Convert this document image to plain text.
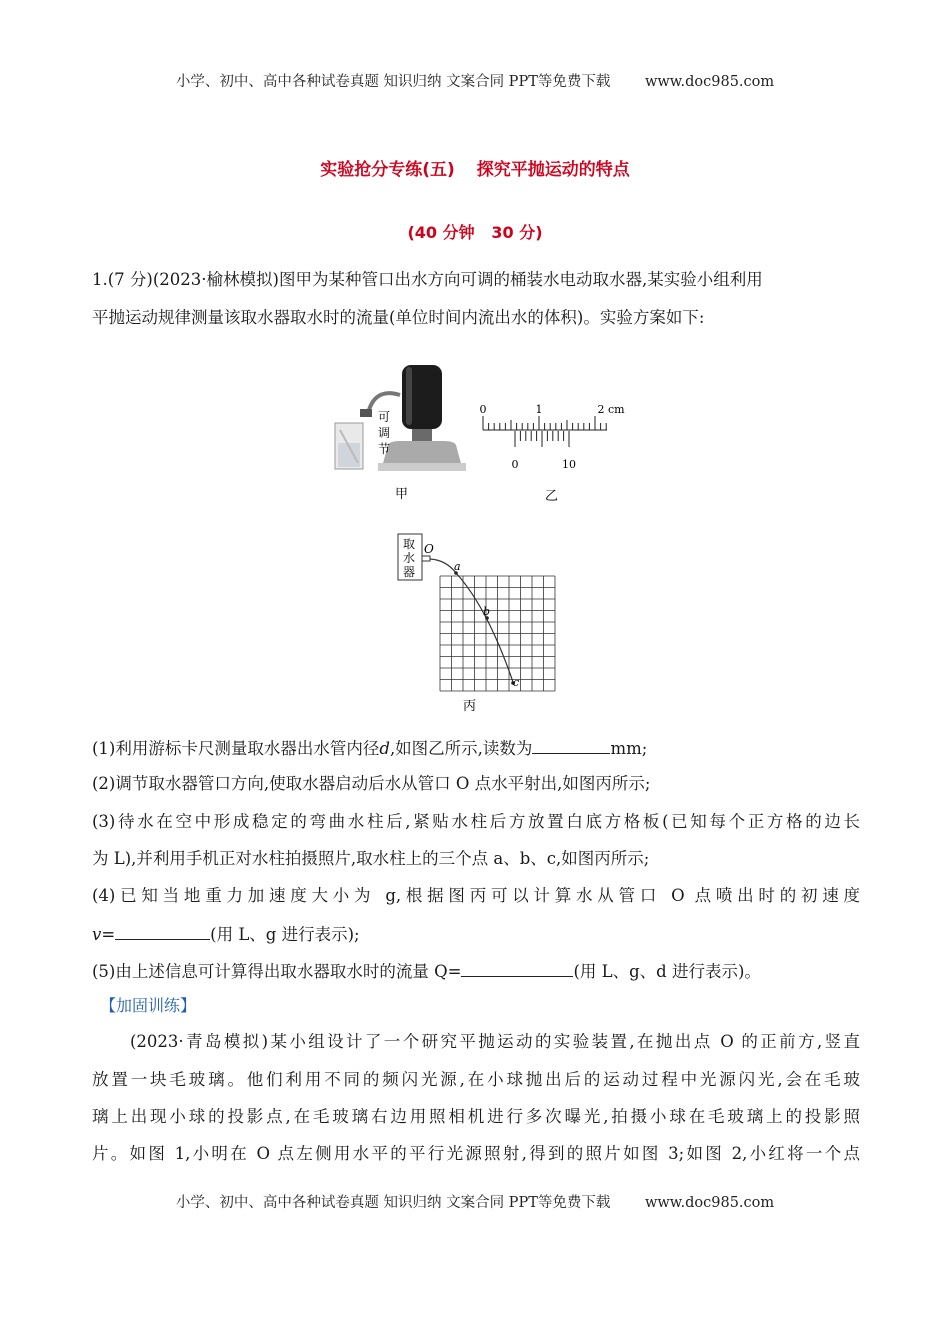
小学、初中、高中各种试卷真题 知识归纳 文案合同 PPT等免费下载 www.doc985.com
实验抢分专练(五) 探究平抛运动的特点
(40 分钟 30 分)
1.(7 分)(2023·榆林模拟)图甲为某种管口出水方向可调的桶装水电动取水器,某实验小组利用
平抛运动规律测量该取水器取水时的流量(单位时间内流出水的体积)。实验方案如下:
可
调
节
甲
0	1	2 cm
0	10
乙
取
水
器
O
a
b
c
丙
(1)利用游标卡尺测量取水器出水管内径d,如图乙所示,读数为	mm;
(2)调节取水器管口方向,使取水器启动后水从管口 O 点水平射出,如图丙所示;
(3)待水在空中形成稳定的弯曲水柱后,紧贴水柱后方放置白底方格板(已知每个正方格的边长
为 L),并利用手机正对水柱拍摄照片,取水柱上的三个点 a、b、c,如图丙所示;
(4)已知当地重力加速度大小为 g,根据图丙可以计算水从管口 O 点喷出时的初速度
v=	(用 L、g 进行表示);
(5)由上述信息可计算得出取水器取水时的流量 Q=	(用 L、g、d 进行表示)。
【加固训练】
(2023·青岛模拟)某小组设计了一个研究平抛运动的实验装置,在抛出点 O 的正前方,竖直
放置一块毛玻璃。他们利用不同的频闪光源,在小球抛出后的运动过程中光源闪光,会在毛玻
璃上出现小球的投影点,在毛玻璃右边用照相机进行多次曝光,拍摄小球在毛玻璃上的投影照
片。如图 1,小明在 O 点左侧用水平的平行光源照射,得到的照片如图 3;如图 2,小红将一个点
小学、初中、高中各种试卷真题 知识归纳 文案合同 PPT等免费下载 www.doc985.com
